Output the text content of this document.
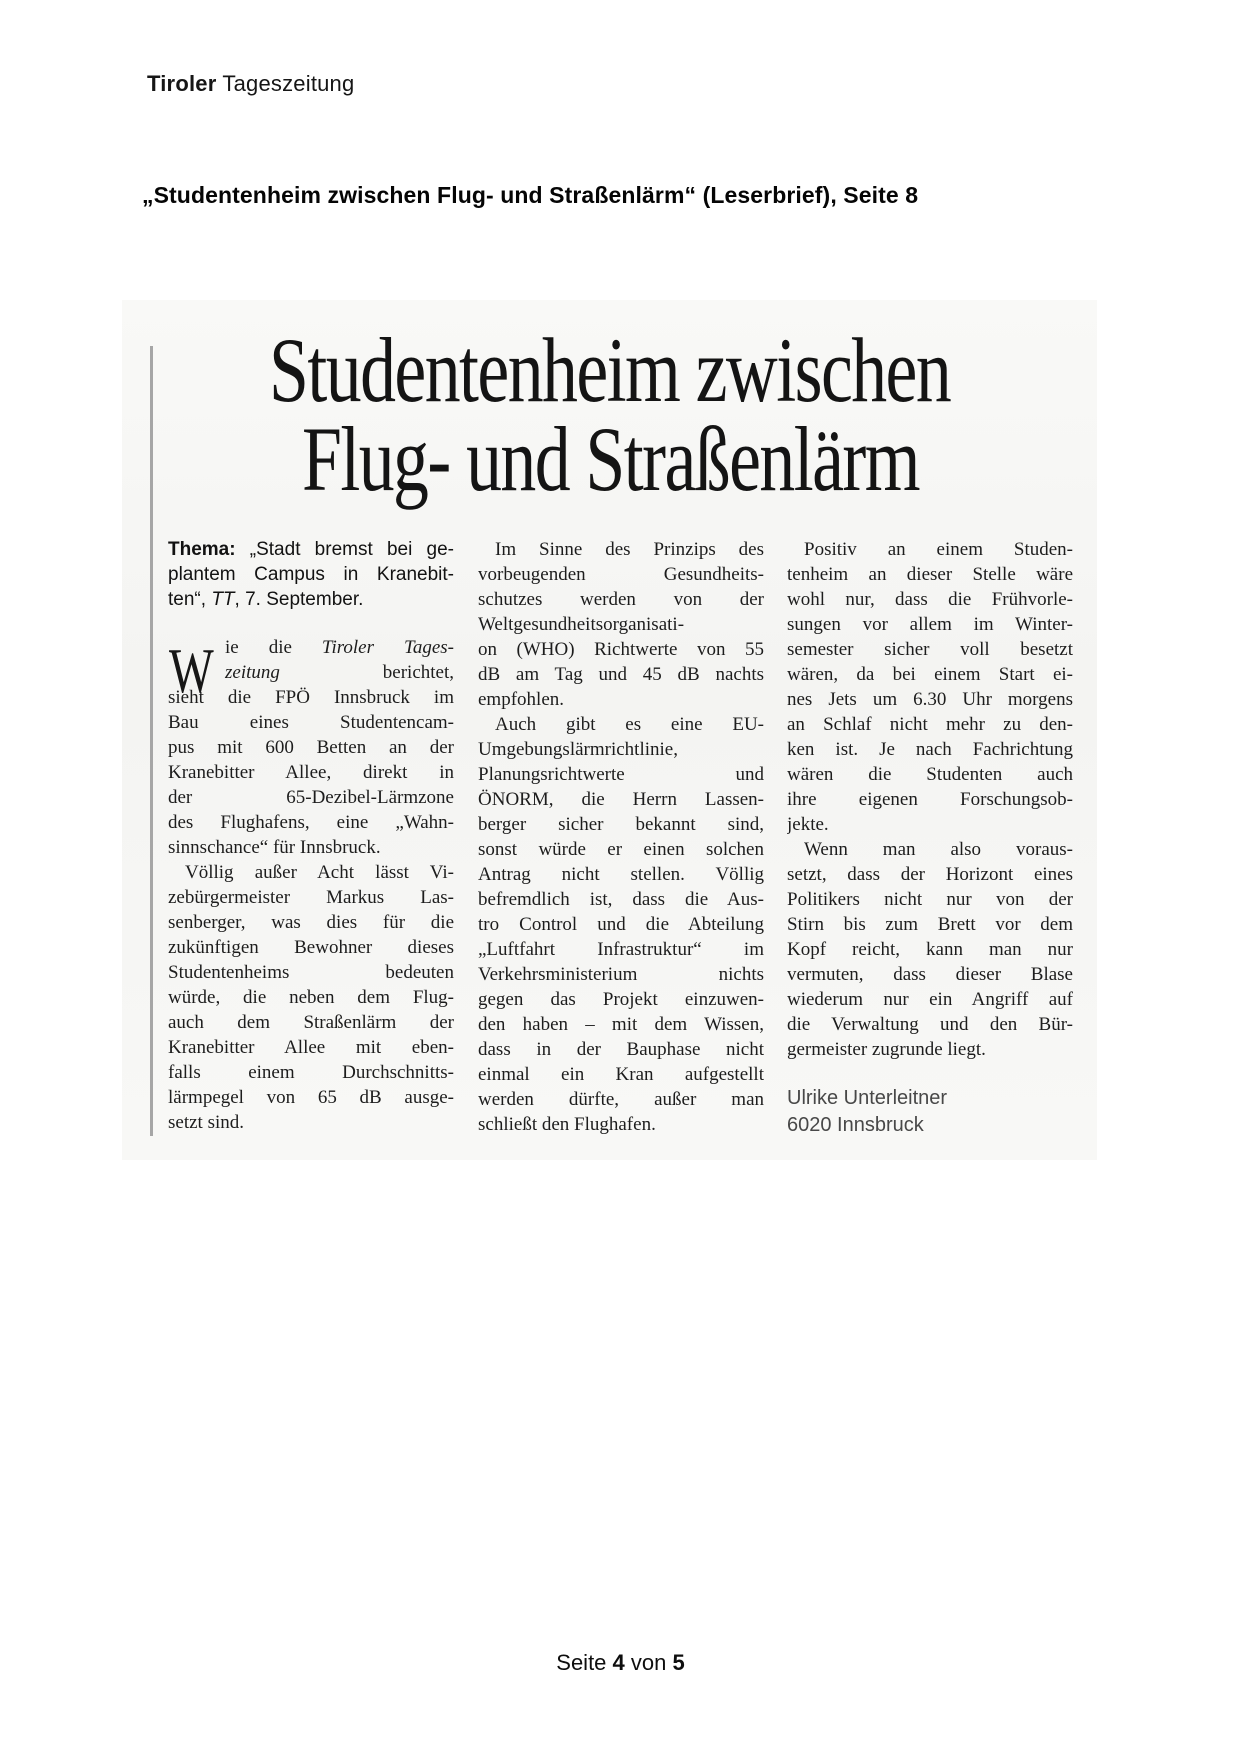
Tiroler Tageszeitung
„Studentenheim zwischen Flug- und Straßenlärm“ (Leserbrief), Seite 8
Studentenheim zwischen
Flug- und Straßenlärm
Thema: „Stadt bremst bei ge-
plantem Campus in Kranebit-
ten“, TT, 7. September.
W ie die Tiroler Tages-
zeitung berichtet,
sieht die FPÖ Innsbruck im
Bau eines Studentencam-
pus mit 600 Betten an der
Kranebitter Allee, direkt in
der 65-Dezibel-Lärmzone
des Flughafens, eine „Wahn-
sinnschance“ für Innsbruck.
Völlig außer Acht lässt Vi-
zebürgermeister Markus Las-
senberger, was dies für die
zukünftigen Bewohner dieses
Studentenheims bedeuten
würde, die neben dem Flug-
auch dem Straßenlärm der
Kranebitter Allee mit eben-
falls einem Durchschnitts-
lärmpegel von 65 dB ausge-
setzt sind.
Im Sinne des Prinzips des
vorbeugenden Gesundheits-
schutzes werden von der
Weltgesundheitsorganisati-
on (WHO) Richtwerte von 55
dB am Tag und 45 dB nachts
empfohlen.
Auch gibt es eine EU-
Umgebungslärmrichtlinie,
Planungsrichtwerte und
ÖNORM, die Herrn Lassen-
berger sicher bekannt sind,
sonst würde er einen solchen
Antrag nicht stellen. Völlig
befremdlich ist, dass die Aus-
tro Control und die Abteilung
„Luftfahrt Infrastruktur“ im
Verkehrsministerium nichts
gegen das Projekt einzuwen-
den haben – mit dem Wissen,
dass in der Bauphase nicht
einmal ein Kran aufgestellt
werden dürfte, außer man
schließt den Flughafen.
Positiv an einem Studen-
tenheim an dieser Stelle wäre
wohl nur, dass die Frühvorle-
sungen vor allem im Winter-
semester sicher voll besetzt
wären, da bei einem Start ei-
nes Jets um 6.30 Uhr morgens
an Schlaf nicht mehr zu den-
ken ist. Je nach Fachrichtung
wären die Studenten auch
ihre eigenen Forschungsob-
jekte.
Wenn man also voraus-
setzt, dass der Horizont eines
Politikers nicht nur von der
Stirn bis zum Brett vor dem
Kopf reicht, kann man nur
vermuten, dass dieser Blase
wiederum nur ein Angriff auf
die Verwaltung und den Bür-
germeister zugrunde liegt.
Ulrike Unterleitner
6020 Innsbruck
Seite 4 von 5
